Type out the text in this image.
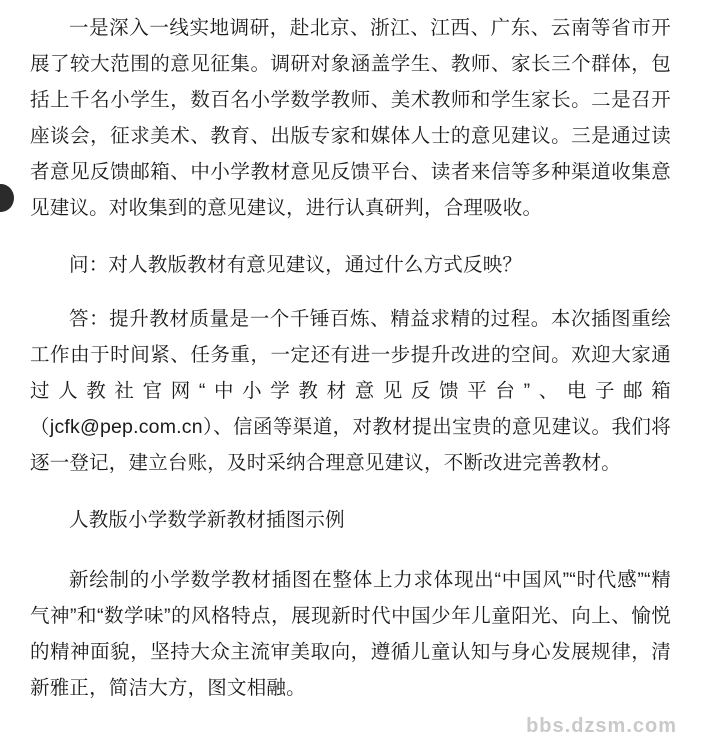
一是深入一线实地调研，赴北京、浙江、江西、广东、云南等省市开展了较大范围的意见征集。调研对象涵盖学生、教师、家长三个群体，包括上千名小学生，数百名小学数学教师、美术教师和学生家长。二是召开座谈会，征求美术、教育、出版专家和媒体人士的意见建议。三是通过读者意见反馈邮箱、中小学教材意见反馈平台、读者来信等多种渠道收集意见建议。对收集到的意见建议，进行认真研判，合理吸收。

问：对人教版教材有意见建议，通过什么方式反映？

答：提升教材质量是一个千锤百炼、精益求精的过程。本次插图重绘工作由于时间紧、任务重，一定还有进一步提升改进的空间。欢迎大家通过人教社官网“中小学教材意见反馈平台”、电子邮箱（jcfk@pep.com.cn）、信函等渠道，对教材提出宝贵的意见建议。我们将逐一登记，建立台账，及时采纳合理意见建议，不断改进完善教材。

人教版小学数学新教材插图示例

新绘制的小学数学教材插图在整体上力求体现出“中国风”“时代感”“精气神”和“数学味”的风格特点，展现新时代中国少年儿童阳光、向上、愉悦的精神面貌，坚持大众主流审美取向，遵循儿童认知与身心发展规律，清新雅正，简洁大方，图文相融。

bbs.dzsm.com
